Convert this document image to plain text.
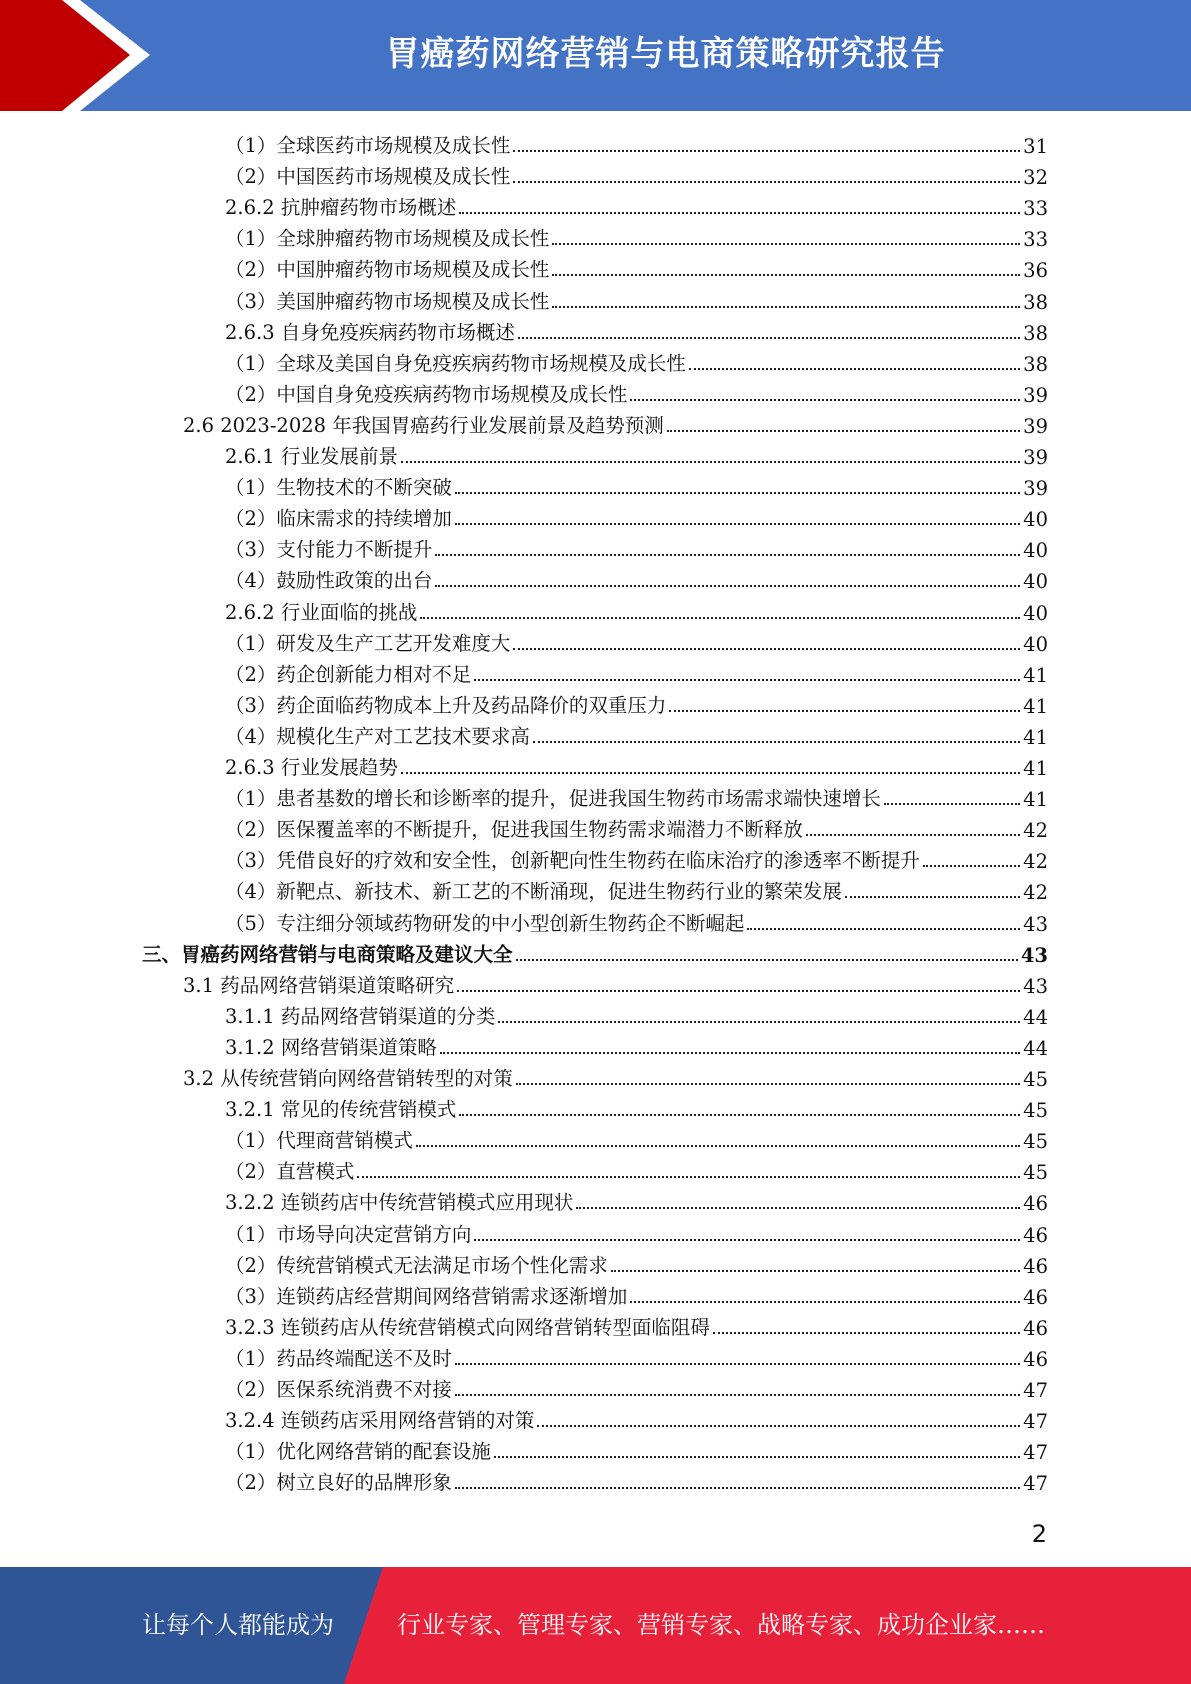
胃癌药网络营销与电商策略研究报告
（1）全球医药市场规模及成长性	31
（2）中国医药市场规模及成长性	32
2.6.2 抗肿瘤药物市场概述	33
（1）全球肿瘤药物市场规模及成长性	33
（2）中国肿瘤药物市场规模及成长性	36
（3）美国肿瘤药物市场规模及成长性	38
2.6.3 自身免疫疾病药物市场概述	38
（1）全球及美国自身免疫疾病药物市场规模及成长性	38
（2）中国自身免疫疾病药物市场规模及成长性	39
2.6 2023-2028 年我国胃癌药行业发展前景及趋势预测	39
2.6.1 行业发展前景	39
（1）生物技术的不断突破	39
（2）临床需求的持续增加	40
（3）支付能力不断提升	40
（4）鼓励性政策的出台	40
2.6.2 行业面临的挑战	40
（1）研发及生产工艺开发难度大	40
（2）药企创新能力相对不足	41
（3）药企面临药物成本上升及药品降价的双重压力	41
（4）规模化生产对工艺技术要求高	41
2.6.3 行业发展趋势	41
（1）患者基数的增长和诊断率的提升，促进我国生物药市场需求端快速增长	41
（2）医保覆盖率的不断提升，促进我国生物药需求端潜力不断释放	42
（3）凭借良好的疗效和安全性，创新靶向性生物药在临床治疗的渗透率不断提升	42
（4）新靶点、新技术、新工艺的不断涌现，促进生物药行业的繁荣发展	42
（5）专注细分领域药物研发的中小型创新生物药企不断崛起	43
三、胃癌药网络营销与电商策略及建议大全	43
3.1 药品网络营销渠道策略研究	43
3.1.1 药品网络营销渠道的分类	44
3.1.2 网络营销渠道策略	44
3.2 从传统营销向网络营销转型的对策	45
3.2.1 常见的传统营销模式	45
（1）代理商营销模式	45
（2）直营模式	45
3.2.2 连锁药店中传统营销模式应用现状	46
（1）市场导向决定营销方向	46
（2）传统营销模式无法满足市场个性化需求	46
（3）连锁药店经营期间网络营销需求逐渐增加	46
3.2.3 连锁药店从传统营销模式向网络营销转型面临阻碍	46
（1）药品终端配送不及时	46
（2）医保系统消费不对接	47
3.2.4 连锁药店采用网络营销的对策	47
（1）优化网络营销的配套设施	47
（2）树立良好的品牌形象	47
2
让每个人都能成为	行业专家、管理专家、营销专家、战略专家、成功企业家……
